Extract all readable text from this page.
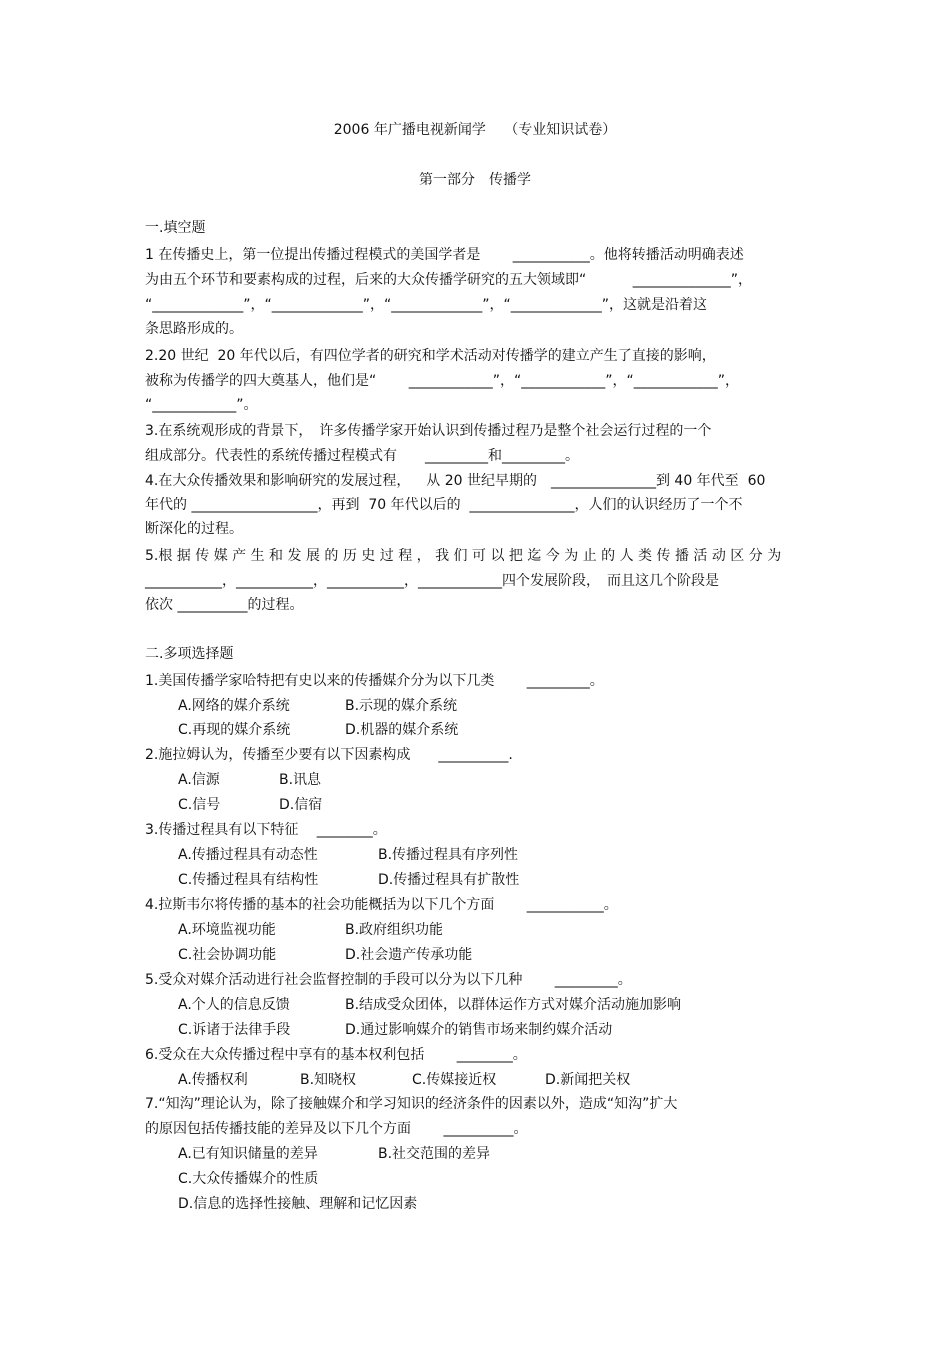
2006 年广播电视新闻学　 （专业知识试卷）
第一部分　传播学
一.填空题
1 在传播史上，第一位提出传播过程模式的美国学者是　　 ___________。他将转播活动明确表述
为由五个环节和要素构成的过程，后来的大众传播学研究的五大领域即“　　　 ______________”，
“_____________”，“_____________”，“_____________”，“_____________”，这就是沿着这
条思路形成的。
2.20 世纪  20 年代以后，有四位学者的研究和学术活动对传播学的建立产生了直接的影响，
被称为传播学的四大奠基人，他们是“　　 ____________”，“____________”，“____________”，
“____________”。
3.在系统观形成的背景下，　许多传播学家开始认识到传播过程乃是整个社会运行过程的一个
组成部分。代表性的系统传播过程模式有　　_________和_________。
4.在大众传播效果和影响研究的发展过程，　  从 20 世纪早期的　_______________到 40 年代至  60
年代的 __________________，再到  70 年代以后的  _______________，人们的认识经历了一个不
断深化的过程。
5.根 据 传 媒 产 生 和 发 展 的 历 史 过 程 ， 我 们 可 以 把 迄 今 为 止 的 人 类 传 播 活 动 区 分 为
___________，___________，___________，____________四个发展阶段，　而且这几个阶段是
依次 __________的过程。
二.多项选择题
1.美国传播学家哈特把有史以来的传播媒介分为以下几类　　 _________。
A.网络的媒介系统	B.示现的媒介系统
C.再现的媒介系统	D.机器的媒介系统
2.施拉姆认为，传播至少要有以下因素构成　　__________.
A.信源	B.讯息
C.信号	D.信宿
3.传播过程具有以下特征　 ________。
A.传播过程具有动态性	B.传播过程具有序列性
C.传播过程具有结构性	D.传播过程具有扩散性
4.拉斯韦尔将传播的基本的社会功能概括为以下几个方面　　 ___________。
A.环境监视功能	B.政府组织功能
C.社会协调功能	D.社会遗产传承功能
5.受众对媒介活动进行社会监督控制的手段可以分为以下几种　　 _________。
A.个人的信息反馈	B.结成受众团体，以群体运作方式对媒介活动施加影响
C.诉诸于法律手段	D.通过影响媒介的销售市场来制约媒介活动
6.受众在大众传播过程中享有的基本权利包括　　 ________。
A.传播权利	B.知晓权	C.传媒接近权	D.新闻把关权
7.“知沟”理论认为，除了接触媒介和学习知识的经济条件的因素以外，造成“知沟”扩大
的原因包括传播技能的差异及以下几个方面　　 __________。
A.已有知识储量的差异	B.社交范围的差异
C.大众传播媒介的性质
D.信息的选择性接触、理解和记忆因素
